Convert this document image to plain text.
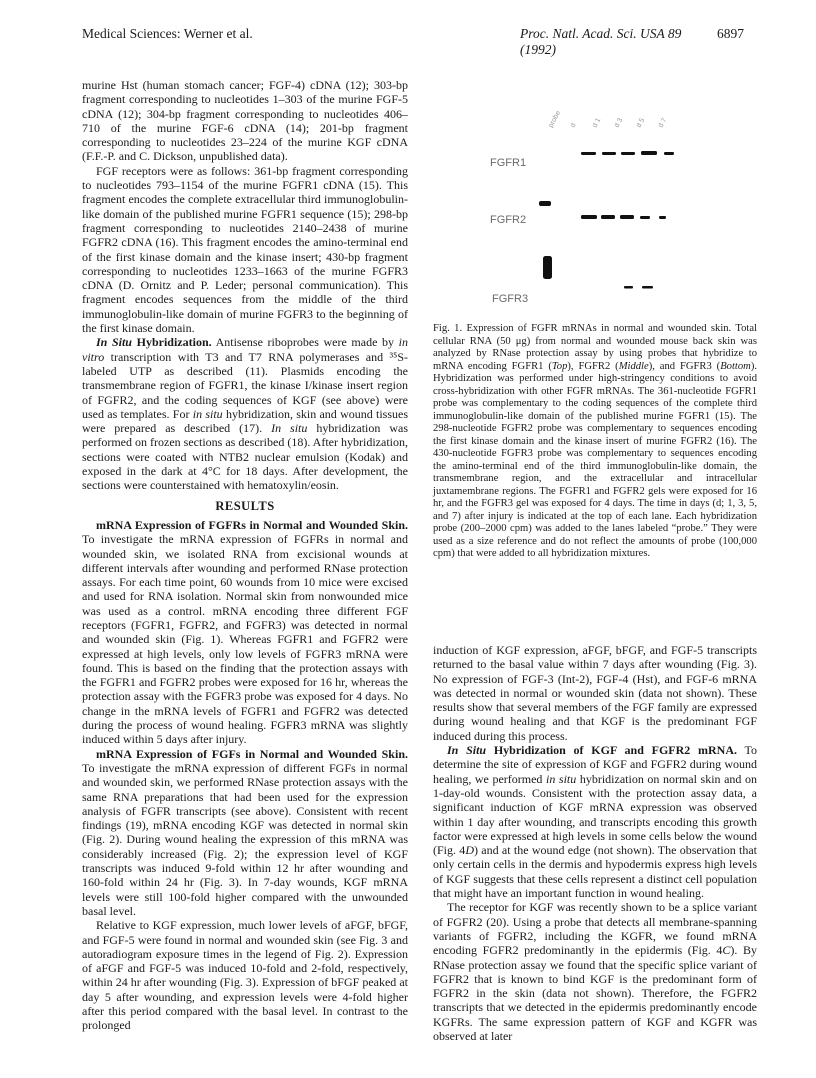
Medical Sciences: Werner et al.	Proc. Natl. Acad. Sci. USA 89 (1992)
6897

murine Hst (human stomach cancer; FGF-4) cDNA (12); 303-bp fragment corresponding to nucleotides 1–303 of the murine FGF-5 cDNA (12); 304-bp fragment corresponding to nucleotides 406–710 of the murine FGF-6 cDNA (14); 201-bp fragment corresponding to nucleotides 23–224 of the murine KGF cDNA (F.F.-P. and C. Dickson, unpublished data).

FGF receptors were as follows: 361-bp fragment corresponding to nucleotides 793–1154 of the murine FGFR1 cDNA (15). This fragment encodes the complete extracellular third immunoglobulin-like domain of the published murine FGFR1 sequence (15); 298-bp fragment corresponding to nucleotides 2140–2438 of murine FGFR2 cDNA (16). This fragment encodes the amino-terminal end of the first kinase domain and the kinase insert; 430-bp fragment corresponding to nucleotides 1233–1663 of the murine FGFR3 cDNA (D. Ornitz and P. Leder; personal communication). This fragment encodes sequences from the middle of the third immunoglobulin-like domain of murine FGFR3 to the beginning of the first kinase domain.

In Situ Hybridization. Antisense riboprobes were made by in vitro transcription with T3 and T7 RNA polymerases and ³⁵S-labeled UTP as described (11). Plasmids encoding the transmembrane region of FGFR1, the kinase I/kinase insert region of FGFR2, and the coding sequences of KGF (see above) were used as templates. For in situ hybridization, skin and wound tissues were prepared as described (17). In situ hybridization was performed on frozen sections as described (18). After hybridization, sections were coated with NTB2 nuclear emulsion (Kodak) and exposed in the dark at 4°C for 18 days. After development, the sections were counterstained with hematoxylin/eosin.

RESULTS

mRNA Expression of FGFRs in Normal and Wounded Skin. To investigate the mRNA expression of FGFRs in normal and wounded skin, we isolated RNA from excisional wounds at different intervals after wounding and performed RNase protection assays. For each time point, 60 wounds from 10 mice were excised and used for RNA isolation. Normal skin from nonwounded mice was used as a control. mRNA encoding three different FGF receptors (FGFR1, FGFR2, and FGFR3) was detected in normal and wounded skin (Fig. 1). Whereas FGFR1 and FGFR2 were expressed at high levels, only low levels of FGFR3 mRNA were found. This is based on the finding that the protection assays with the FGFR1 and FGFR2 probes were exposed for 16 hr, whereas the protection assay with the FGFR3 probe was exposed for 4 days. No change in the mRNA levels of FGFR1 and FGFR2 was detected during the process of wound healing. FGFR3 mRNA was slightly induced within 5 days after injury.

mRNA Expression of FGFs in Normal and Wounded Skin. To investigate the mRNA expression of different FGFs in normal and wounded skin, we performed RNase protection assays with the same RNA preparations that had been used for the expression analysis of FGFR transcripts (see above). Consistent with recent findings (19), mRNA encoding KGF was detected in normal skin (Fig. 2). During wound healing the expression of this mRNA was considerably increased (Fig. 2); the expression level of KGF transcripts was induced 9-fold within 12 hr after wounding and 160-fold within 24 hr (Fig. 3). In 7-day wounds, KGF mRNA levels were still 100-fold higher compared with the unwounded basal level.

Relative to KGF expression, much lower levels of aFGF, bFGF, and FGF-5 were found in normal and wounded skin (see Fig. 3 and autoradiogram exposure times in the legend of Fig. 2). Expression of aFGF and FGF-5 was induced 10-fold and 2-fold, respectively, within 24 hr after wounding (Fig. 3). Expression of bFGF peaked at day 5 after wounding, and expression levels were 4-fold higher after this period compared with the basal level. In contrast to the prolonged

probe d d 1 d 3 d 5 d 7
FGFR1
FGFR2
FGFR3
Fig. 1. Expression of FGFR mRNAs in normal and wounded skin. Total cellular RNA (50 μg) from normal and wounded mouse back skin was analyzed by RNase protection assay by using probes that hybridize to mRNA encoding FGFR1 (Top), FGFR2 (Middle), and FGFR3 (Bottom). Hybridization was performed under high-stringency conditions to avoid cross-hybridization with other FGFR mRNAs. The 361-nucleotide FGFR1 probe was complementary to the coding sequences of the complete third immunoglobulin-like domain of the published murine FGFR1 (15). The 298-nucleotide FGFR2 probe was complementary to sequences encoding the first kinase domain and the kinase insert of murine FGFR2 (16). The 430-nucleotide FGFR3 probe was complementary to sequences encoding the amino-terminal end of the third immunoglobulin-like domain, the transmembrane region, and the extracellular and intracellular juxtamembrane regions. The FGFR1 and FGFR2 gels were exposed for 16 hr, and the FGFR3 gel was exposed for 4 days. The time in days (d; 1, 3, 5, and 7) after injury is indicated at the top of each lane. Each hybridization probe (200–2000 cpm) was added to the lanes labeled “probe.” They were used as a size reference and do not reflect the amounts of probe (100,000 cpm) that were added to all hybridization mixtures.

induction of KGF expression, aFGF, bFGF, and FGF-5 transcripts returned to the basal value within 7 days after wounding (Fig. 3). No expression of FGF-3 (Int-2), FGF-4 (Hst), and FGF-6 mRNA was detected in normal or wounded skin (data not shown). These results show that several members of the FGF family are expressed during wound healing and that KGF is the predominant FGF induced during this process.

In Situ Hybridization of KGF and FGFR2 mRNA. To determine the site of expression of KGF and FGFR2 during wound healing, we performed in situ hybridization on normal skin and on 1-day-old wounds. Consistent with the protection assay data, a significant induction of KGF mRNA expression was observed within 1 day after wounding, and transcripts encoding this growth factor were expressed at high levels in some cells below the wound (Fig. 4D) and at the wound edge (not shown). The observation that only certain cells in the dermis and hypodermis express high levels of KGF suggests that these cells represent a distinct cell population that might have an important function in wound healing.

The receptor for KGF was recently shown to be a splice variant of FGFR2 (20). Using a probe that detects all membrane-spanning variants of FGFR2, including the KGFR, we found mRNA encoding FGFR2 predominantly in the epidermis (Fig. 4C). By RNase protection assay we found that the specific splice variant of FGFR2 that is known to bind KGF is the predominant form of FGFR2 in the skin (data not shown). Therefore, the FGFR2 transcripts that we detected in the epidermis predominantly encode KGFRs. The same expression pattern of KGF and KGFR was observed at later
